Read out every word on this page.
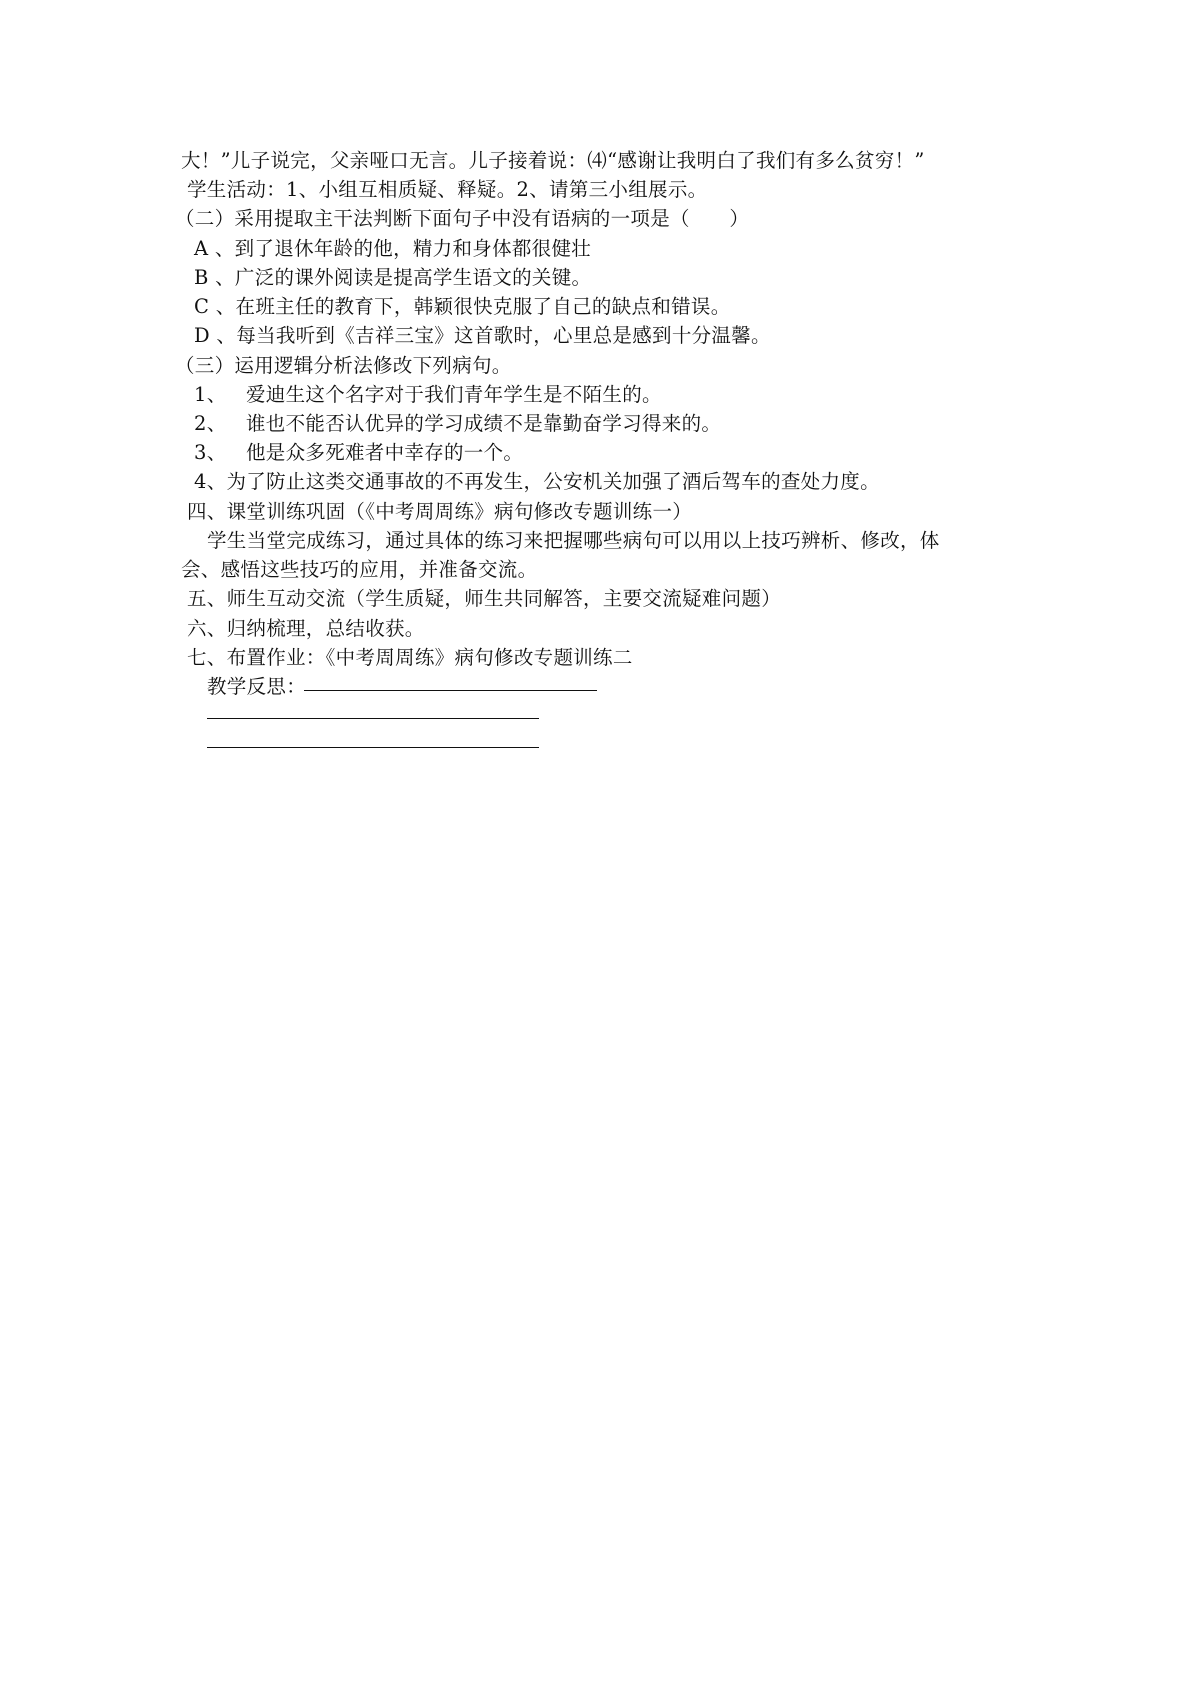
大！”儿子说完，父亲哑口无言。儿子接着说：⑷“感谢让我明白了我们有多么贫穷！”
学生活动：1、小组互相质疑、释疑。2、请第三小组展示。
（二）采用提取主干法判断下面句子中没有语病的一项是（　　）
A 、到了退休年龄的他，精力和身体都很健壮
B 、广泛的课外阅读是提高学生语文的关键。
C 、在班主任的教育下，韩颖很快克服了自己的缺点和错误。
D 、每当我听到《吉祥三宝》这首歌时，心里总是感到十分温馨。
（三）运用逻辑分析法修改下列病句。
1、 爱迪生这个名字对于我们青年学生是不陌生的。
2、 谁也不能否认优异的学习成绩不是靠勤奋学习得来的。
3、 他是众多死难者中幸存的一个。
4、为了防止这类交通事故的不再发生，公安机关加强了酒后驾车的查处力度。
四、课堂训练巩固（《中考周周练》病句修改专题训练一）
学生当堂完成练习，通过具体的练习来把握哪些病句可以用以上技巧辨析、修改，体
会、感悟这些技巧的应用，并准备交流。
五、师生互动交流（学生质疑，师生共同解答，主要交流疑难问题）
六、归纳梳理，总结收获。
七、布置作业：《中考周周练》病句修改专题训练二
教学反思：
